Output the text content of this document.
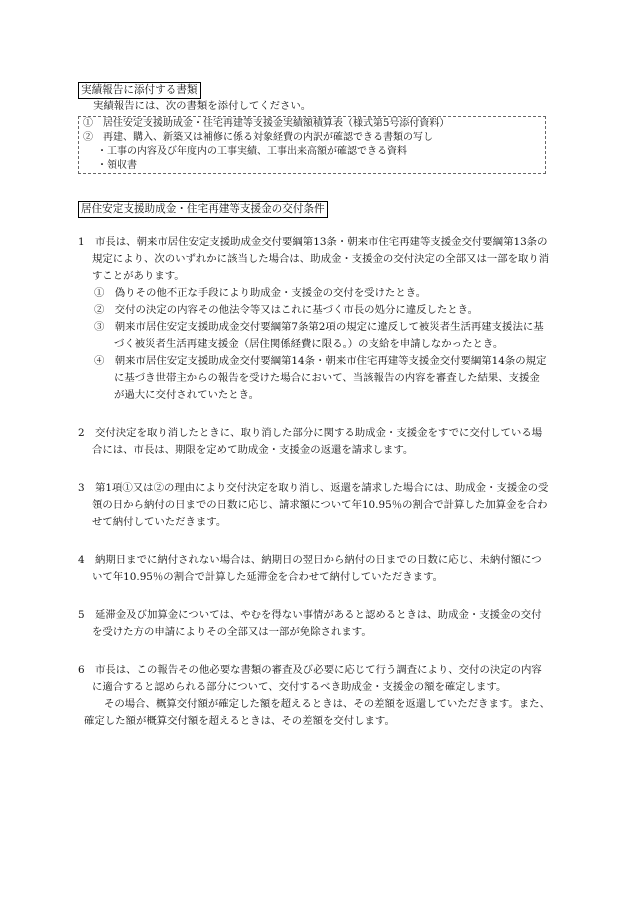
実績報告に添付する書類
実績報告には、次の書類を添付してください。
①　居住安定支援助成金・住宅再建等支援金実績額積算表（様式第5号添付資料）
②　再建、購入、新築又は補修に係る対象経費の内訳が確認できる書類の写し
・工事の内容及び年度内の工事実績、工事出来高額が確認できる資料
・領収書
居住安定支援助成金・住宅再建等支援金の交付条件
1　市長は、朝来市居住安定支援助成金交付要綱第13条・朝来市住宅再建等支援金交付要綱第13条の規定により、次のいずれかに該当した場合は、助成金・支援金の交付決定の全部又は一部を取り消すことがあります。
①　偽りその他不正な手段により助成金・支援金の交付を受けたとき。
②　交付の決定の内容その他法令等又はこれに基づく市長の処分に違反したとき。
③　朝来市居住安定支援助成金交付要綱第7条第2項の規定に違反して被災者生活再建支援法に基づく被災者生活再建支援金（居住関係経費に限る。）の支給を申請しなかったとき。
④　朝来市居住安定支援助成金交付要綱第14条・朝来市住宅再建等支援金交付要綱第14条の規定に基づき世帯主からの報告を受けた場合において、当該報告の内容を審査した結果、支援金が過大に交付されていたとき。
2　交付決定を取り消したときに、取り消した部分に関する助成金・支援金をすでに交付している場合には、市長は、期限を定めて助成金・支援金の返還を請求します。
3　第1項①又は②の理由により交付決定を取り消し、返還を請求した場合には、助成金・支援金の受領の日から納付の日までの日数に応じ、請求額について年10.95％の割合で計算した加算金を合わせて納付していただきます。
4　納期日までに納付されない場合は、納期日の翌日から納付の日までの日数に応じ、未納付額について年10.95％の割合で計算した延滞金を合わせて納付していただきます。
5　延滞金及び加算金については、やむを得ない事情があると認めるときは、助成金・支援金の交付を受けた方の申請によりその全部又は一部が免除されます。
6　市長は、この報告その他必要な書類の審査及び必要に応じて行う調査により、交付の決定の内容に適合すると認められる部分について、交付するべき助成金・支援金の額を確定します。
その場合、概算交付額が確定した額を超えるときは、その差額を返還していただきます。また、確定した額が概算交付額を超えるときは、その差額を交付します。
